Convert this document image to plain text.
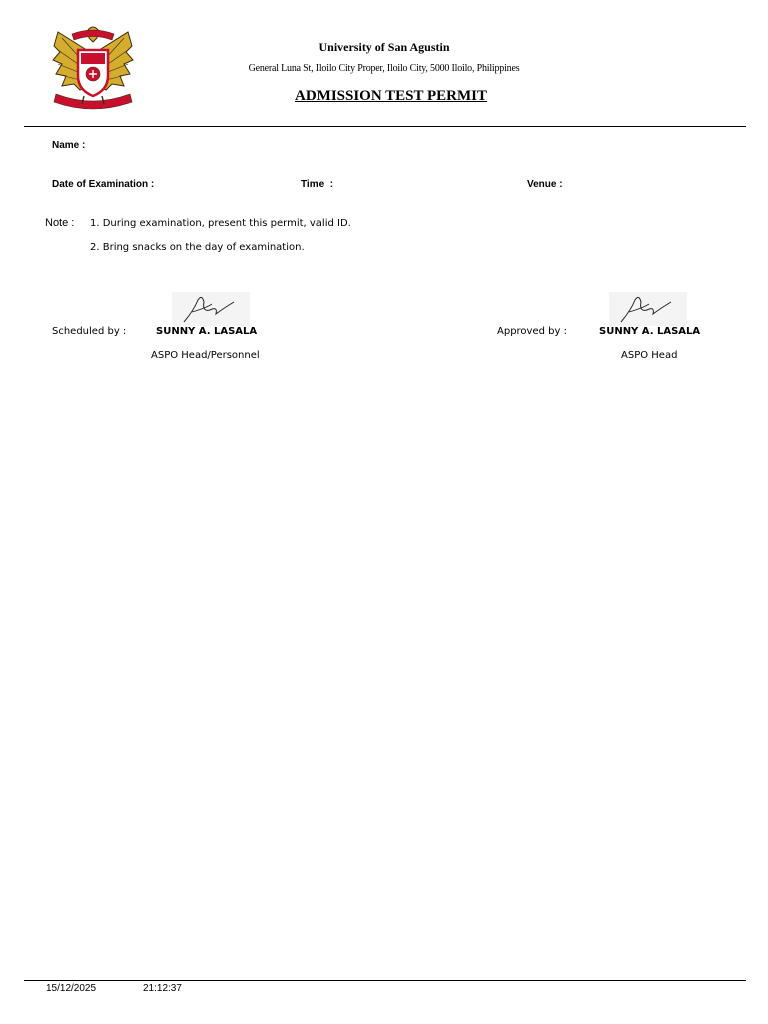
University of San Agustin
General Luna St, Iloilo City Proper, Iloilo City, 5000 Iloilo, Philippines
ADMISSION TEST PERMIT
Name :
Date of Examination :	Time  :	Venue :
Note : 1. During examination, present this permit, valid ID.
2. Bring snacks on the day of examination.
Scheduled by :	SUNNY A. LASALA
ASPO Head/Personnel
Approved by :	SUNNY A. LASALA
ASPO Head
15/12/2025	21:12:37
